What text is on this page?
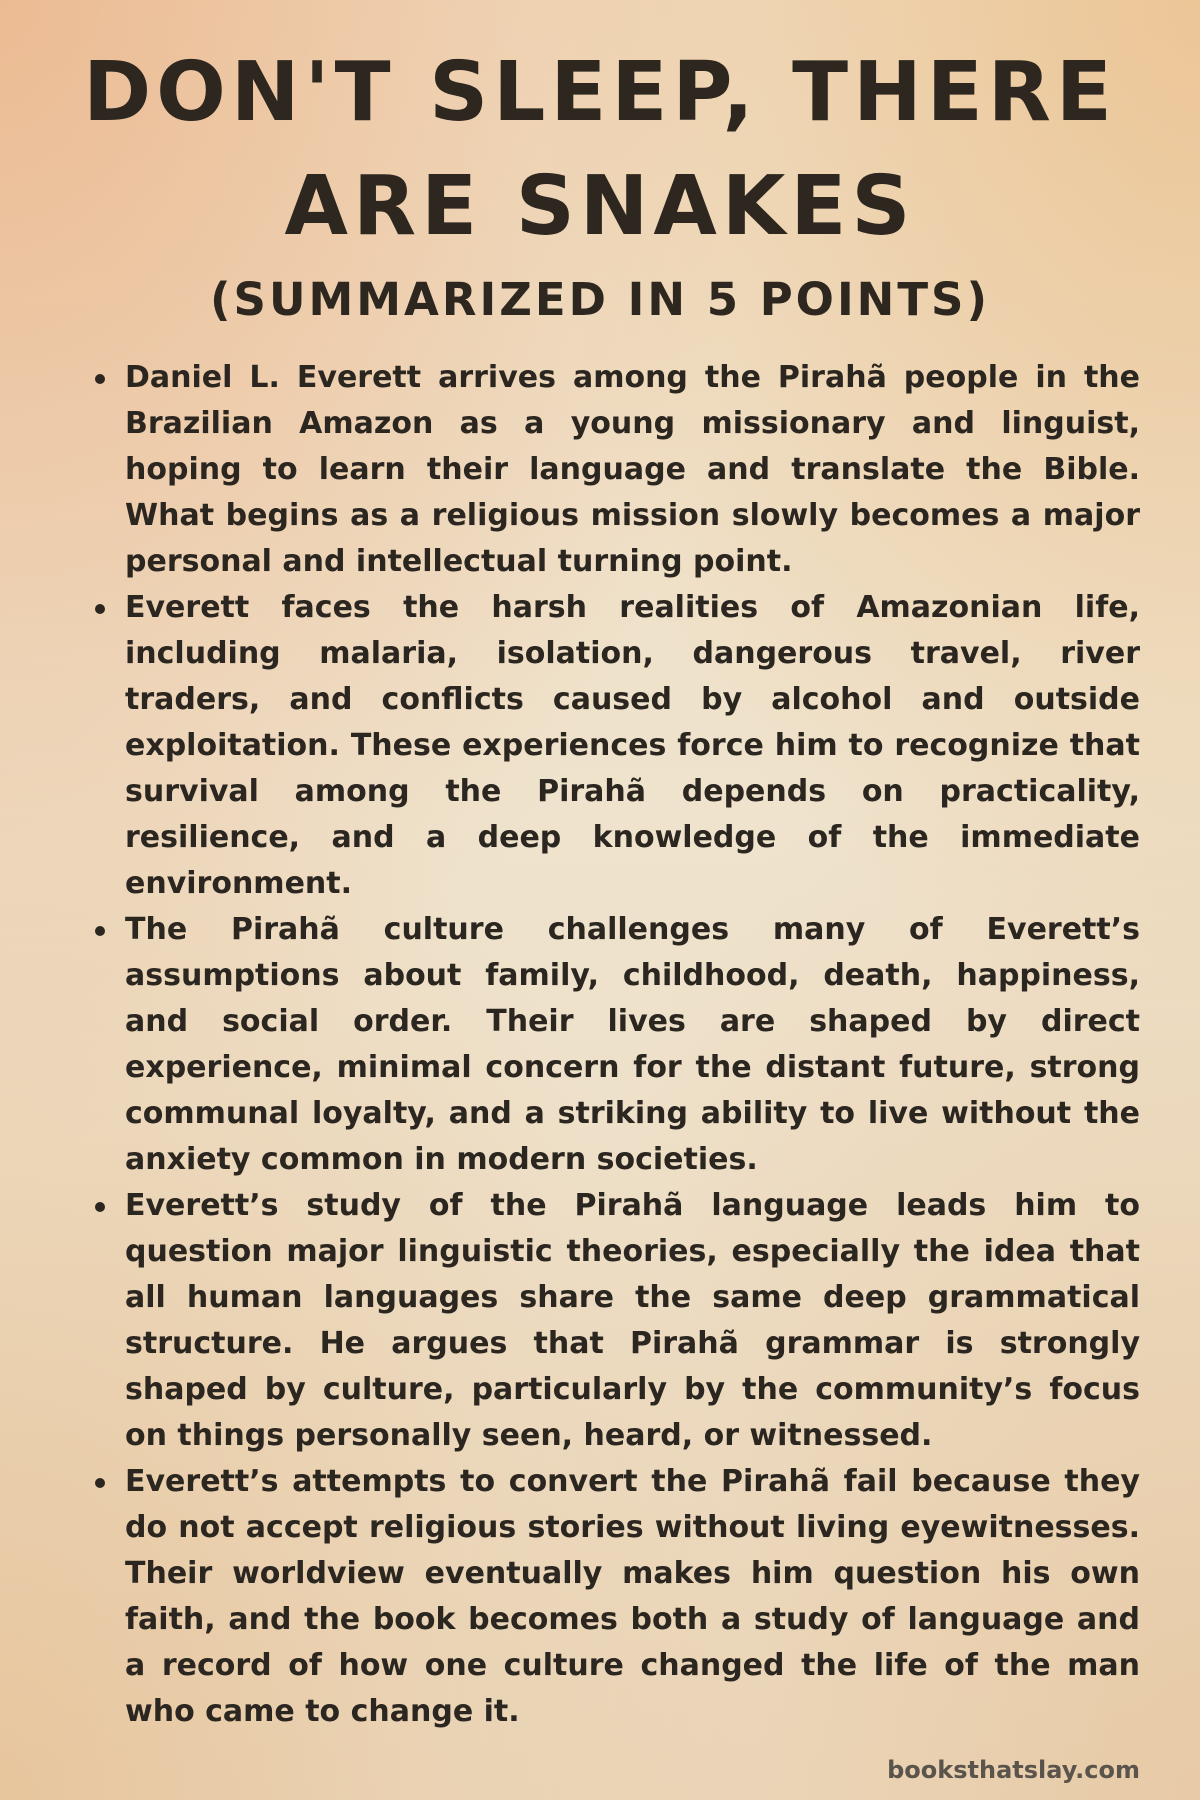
DON'T SLEEP, THERE ARE SNAKES
(SUMMARIZED IN 5 POINTS)
Daniel L. Everett arrives among the Pirahã people in the Brazilian Amazon as a young missionary and linguist, hoping to learn their language and translate the Bible. What begins as a religious mission slowly becomes a major personal and intellectual turning point.
Everett faces the harsh realities of Amazonian life, including malaria, isolation, dangerous travel, river traders, and conflicts caused by alcohol and outside exploitation. These experiences force him to recognize that survival among the Pirahã depends on practicality, resilience, and a deep knowledge of the immediate environment.
The Pirahã culture challenges many of Everett’s assumptions about family, childhood, death, happiness, and social order. Their lives are shaped by direct experience, minimal concern for the distant future, strong communal loyalty, and a striking ability to live without the anxiety common in modern societies.
Everett’s study of the Pirahã language leads him to question major linguistic theories, especially the idea that all human languages share the same deep grammatical structure. He argues that Pirahã grammar is strongly shaped by culture, particularly by the community’s focus on things personally seen, heard, or witnessed.
Everett’s attempts to convert the Pirahã fail because they do not accept religious stories without living eyewitnesses. Their worldview eventually makes him question his own faith, and the book becomes both a study of language and a record of how one culture changed the life of the man who came to change it.
booksthatslay.com
